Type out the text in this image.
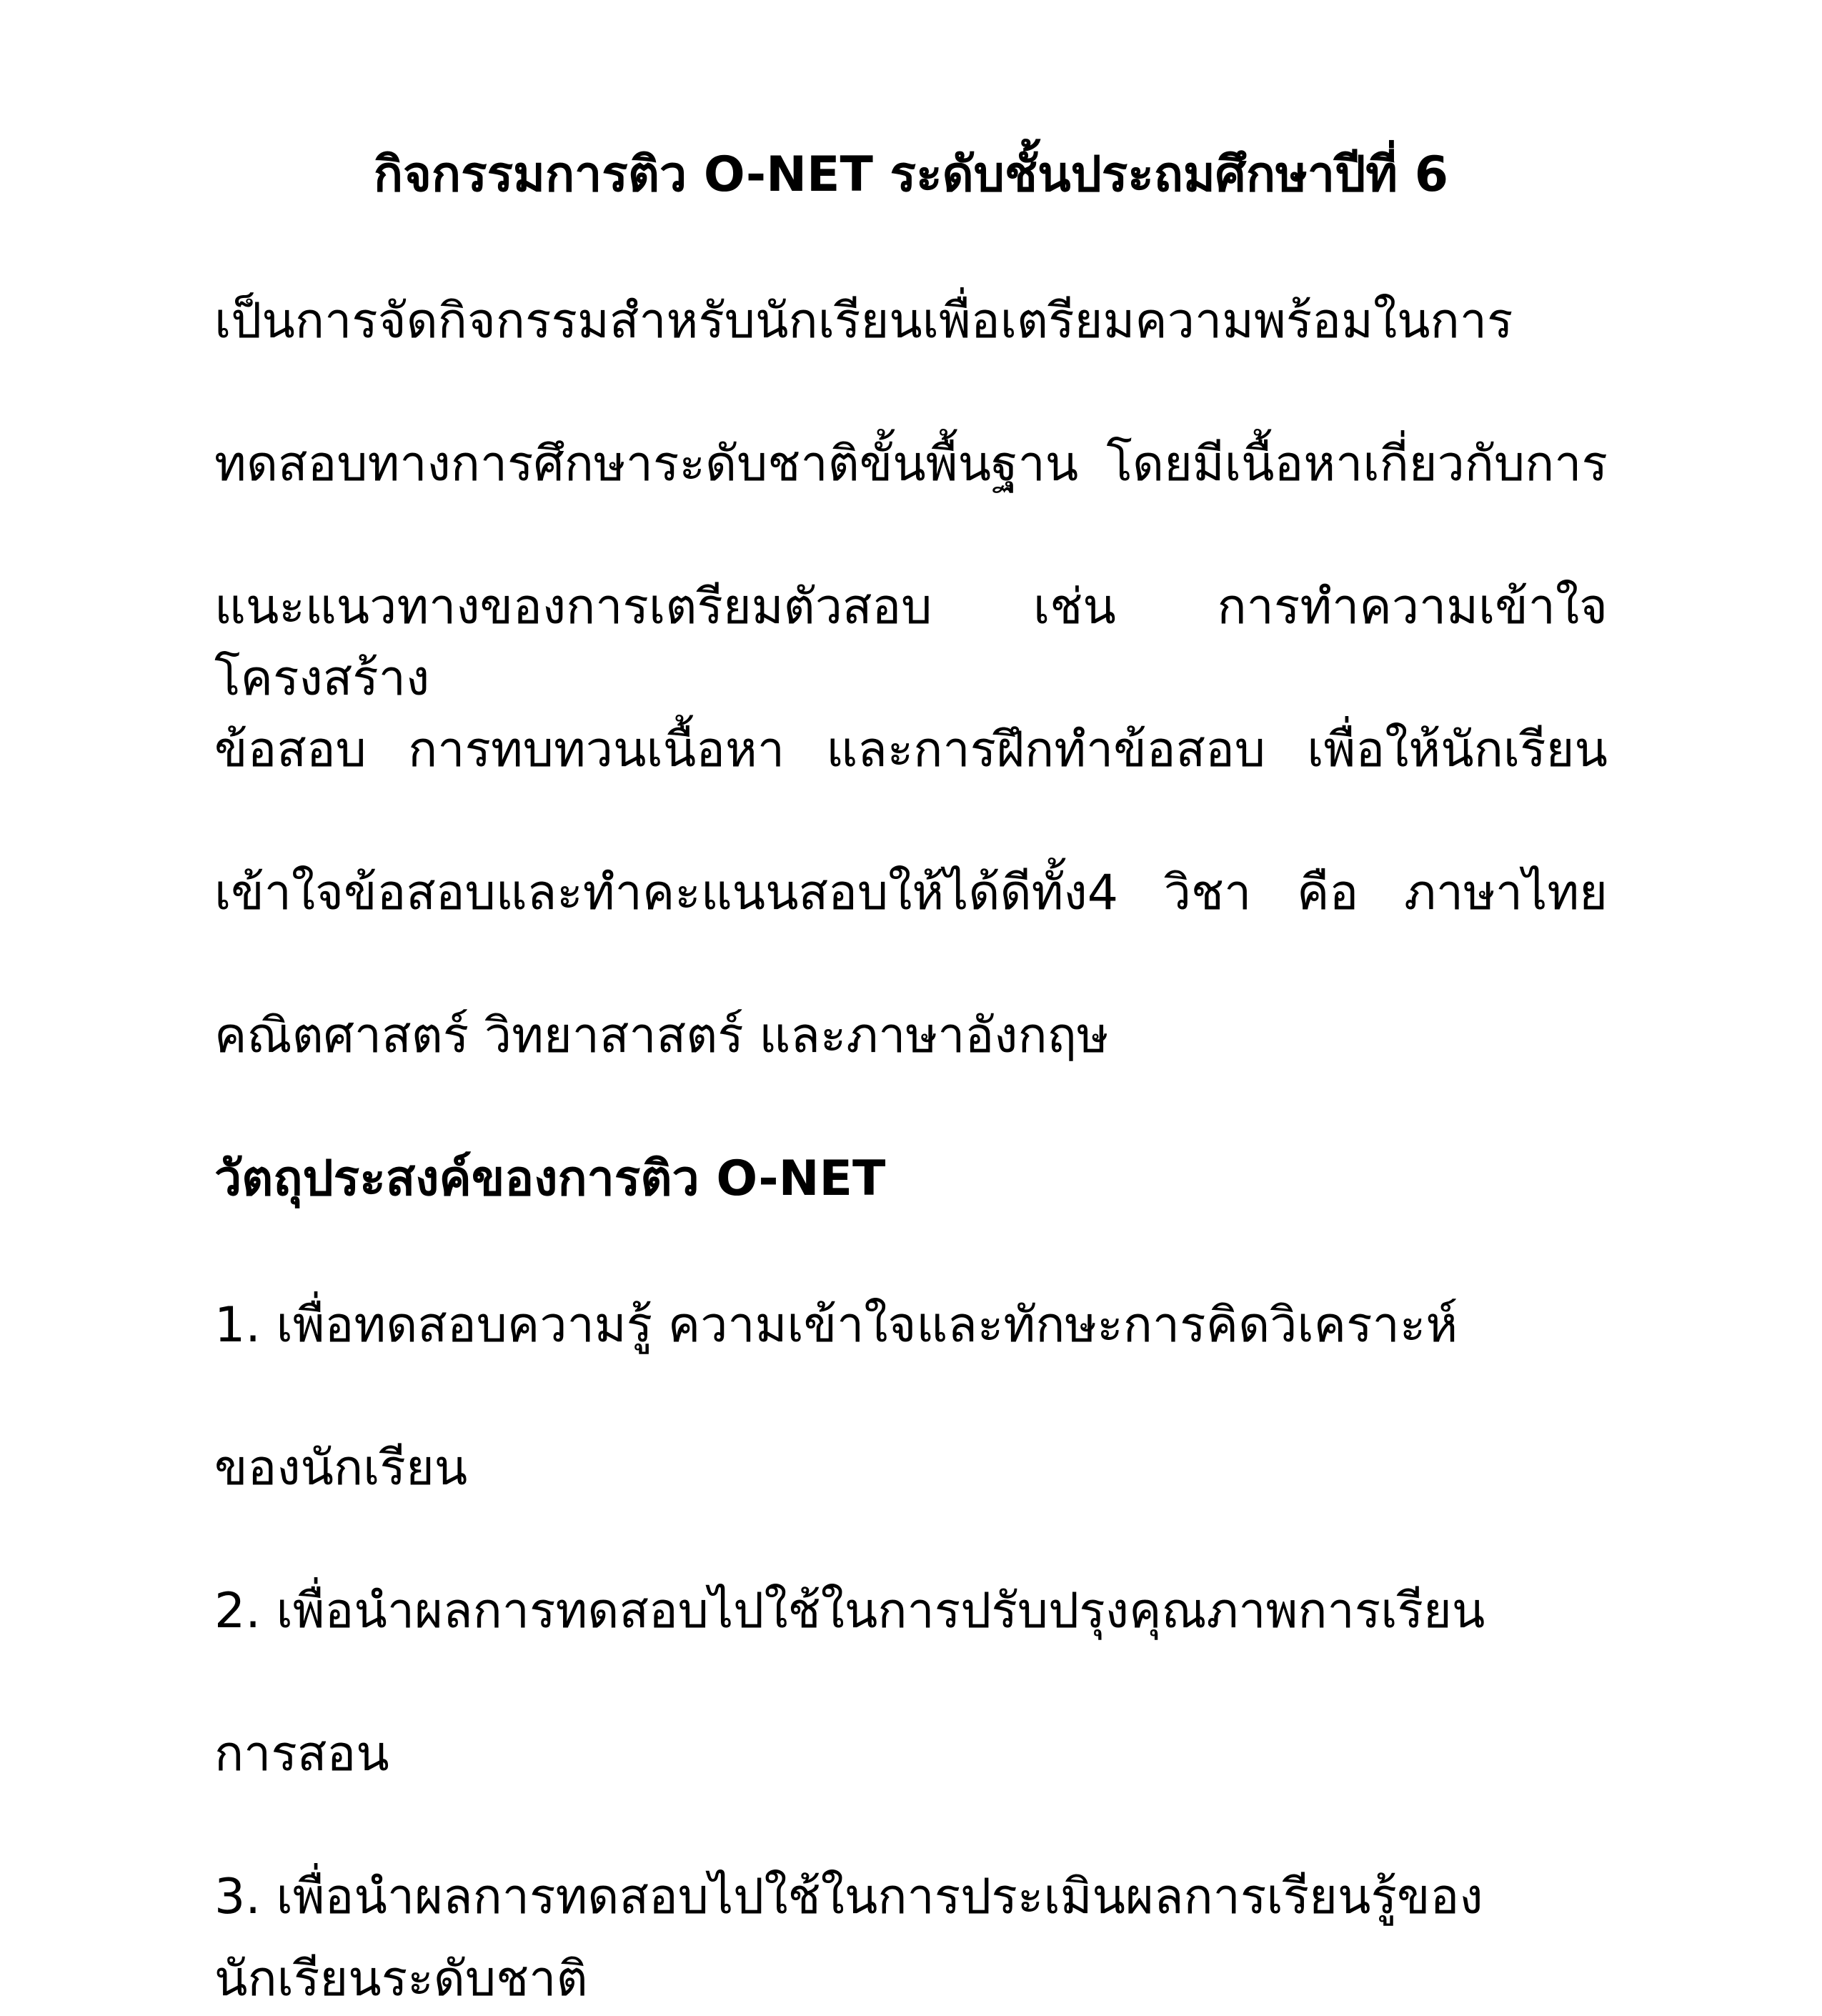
กิจกรรมการติว O-NET ระดับชั้นประถมศึกษาปีที่ 6

เป็นการจัดกิจกรรมสำหรับนักเรียนเพื่อเตรียมความพร้อมในการ

ทดสอบทางการศึกษาระดับชาติขั้นพื้นฐาน โดยมีเนื้อหาเกี่ยวกับการ

แนะแนวทางของการเตรียมตัวสอบ เช่น การทำความเข้าใจโครงสร้าง

ข้อสอบ การทบทวนเนื้อหา และการฝึกทำข้อสอบ เพื่อให้นักเรียน

เข้าใจข้อสอบและทำคะแนนสอบให้ได้ดีทั้ง4 วิชา คือ ภาษาไทย

คณิตศาสตร์ วิทยาสาสตร์ และภาษาอังกฤษ

วัตถุประสงค์ของการติว O-NET

1. เพื่อทดสอบความรู้ ความเข้าใจและทักษะการคิดวิเคราะห์

ของนักเรียน

2. เพื่อนำผลการทดสอบไปใช้ในการปรับปรุงคุณภาพการเรียน

การสอน

3. เพื่อนำผลการทดสอบไปใช้ในการประเมินผลการเรียนรู้ของ

นักเรียนระดับชาติ
